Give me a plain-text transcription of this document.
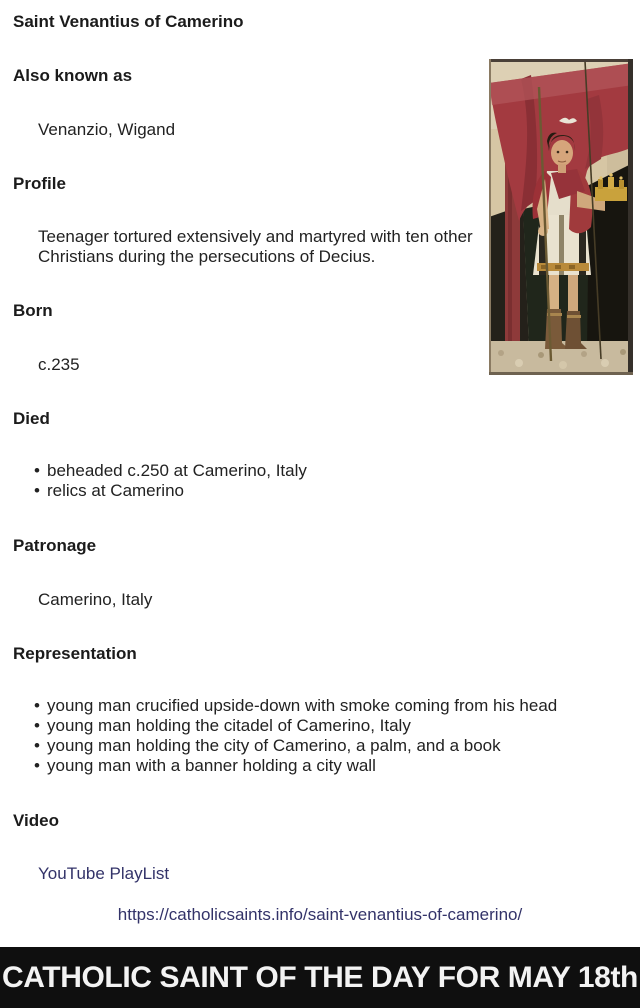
Saint Venantius of Camerino
Also known as
Venanzio, Wigand
Profile
Teenager tortured extensively and martyred with ten other Christians during the persecutions of Decius.
Born
c.235
Died
• beheaded c.250 at Camerino, Italy
• relics at Camerino
Patronage
Camerino, Italy
Representation
• young man crucified upside-down with smoke coming from his head
• young man holding the citadel of Camerino, Italy
• young man holding the city of Camerino, a palm, and a book
• young man with a banner holding a city wall
Video
YouTube PlayList
https://catholicsaints.info/saint-venantius-of-camerino/
CATHOLIC SAINT OF THE DAY FOR MAY 18th
